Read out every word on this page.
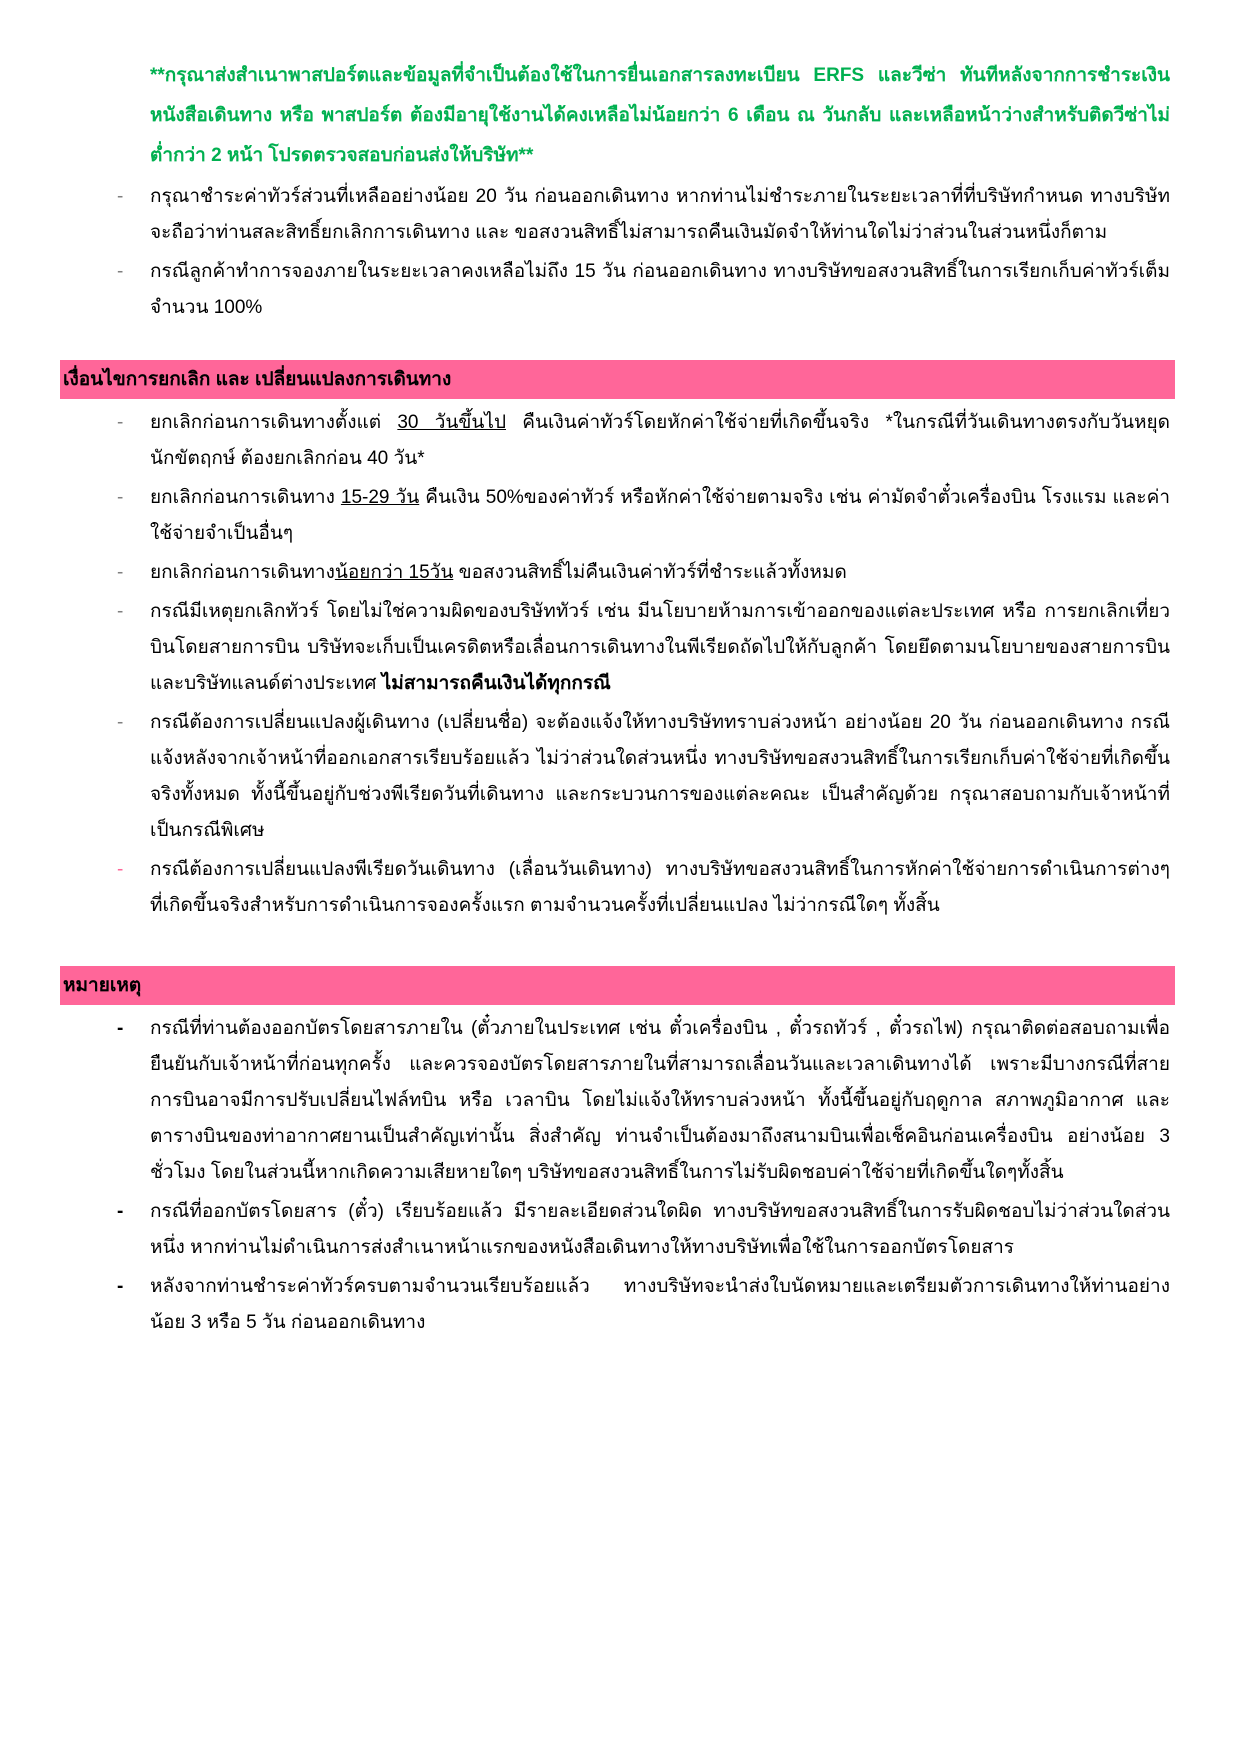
**กรุณาส่งสำเนาพาสปอร์ตและข้อมูลที่จำเป็นต้องใช้ในการยื่นเอกสารลงทะเบียน ERFS และวีซ่า ทันทีหลังจากการชำระเงิน หนังสือเดินทาง หรือ พาสปอร์ต ต้องมีอายุใช้งานได้คงเหลือไม่น้อยกว่า 6 เดือน ณ วันกลับ และเหลือหน้าว่างสำหรับติดวีซ่าไม่ต่ำกว่า 2 หน้า โปรดตรวจสอบก่อนส่งให้บริษัท**
- กรุณาชำระค่าทัวร์ส่วนที่เหลืออย่างน้อย 20 วัน ก่อนออกเดินทาง หากท่านไม่ชำระภายในระยะเวลาที่ที่บริษัทกำหนด ทางบริษัทจะถือว่าท่านสละสิทธิ์ยกเลิกการเดินทาง และ ขอสงวนสิทธิ์ไม่สามารถคืนเงินมัดจำให้ท่านใดไม่ว่าส่วนในส่วนหนึ่งก็ตาม
- กรณีลูกค้าทำการจองภายในระยะเวลาคงเหลือไม่ถึง 15 วัน ก่อนออกเดินทาง ทางบริษัทขอสงวนสิทธิ์ในการเรียกเก็บค่าทัวร์เต็มจำนวน 100%
เงื่อนไขการยกเลิก และ เปลี่ยนแปลงการเดินทาง
- ยกเลิกก่อนการเดินทางตั้งแต่ 30 วันขึ้นไป คืนเงินค่าทัวร์โดยหักค่าใช้จ่ายที่เกิดขึ้นจริง *ในกรณีที่วันเดินทางตรงกับวันหยุดนักขัตฤกษ์ ต้องยกเลิกก่อน 40 วัน*
- ยกเลิกก่อนการเดินทาง 15-29 วัน คืนเงิน 50%ของค่าทัวร์ หรือหักค่าใช้จ่ายตามจริง เช่น ค่ามัดจำตั๋วเครื่องบิน โรงแรม และค่าใช้จ่ายจำเป็นอื่นๆ
- ยกเลิกก่อนการเดินทางน้อยกว่า 15วัน ขอสงวนสิทธิ์ไม่คืนเงินค่าทัวร์ที่ชำระแล้วทั้งหมด
- กรณีมีเหตุยกเลิกทัวร์ โดยไม่ใช่ความผิดของบริษัททัวร์ เช่น มีนโยบายห้ามการเข้าออกของแต่ละประเทศ หรือ การยกเลิกเที่ยวบินโดยสายการบิน บริษัทจะเก็บเป็นเครดิตหรือเลื่อนการเดินทางในพีเรียดถัดไปให้กับลูกค้า โดยยึดตามนโยบายของสายการบินและบริษัทแลนด์ต่างประเทศ ไม่สามารถคืนเงินได้ทุกกรณี
- กรณีต้องการเปลี่ยนแปลงผู้เดินทาง (เปลี่ยนชื่อ) จะต้องแจ้งให้ทางบริษัททราบล่วงหน้า อย่างน้อย 20 วัน ก่อนออกเดินทาง กรณีแจ้งหลังจากเจ้าหน้าที่ออกเอกสารเรียบร้อยแล้ว ไม่ว่าส่วนใดส่วนหนึ่ง ทางบริษัทขอสงวนสิทธิ์ในการเรียกเก็บค่าใช้จ่ายที่เกิดขึ้นจริงทั้งหมด ทั้งนี้ขึ้นอยู่กับช่วงพีเรียดวันที่เดินทาง และกระบวนการของแต่ละคณะ เป็นสำคัญด้วย กรุณาสอบถามกับเจ้าหน้าที่เป็นกรณีพิเศษ
- กรณีต้องการเปลี่ยนแปลงพีเรียดวันเดินทาง (เลื่อนวันเดินทาง) ทางบริษัทขอสงวนสิทธิ์ในการหักค่าใช้จ่ายการดำเนินการต่างๆ ที่เกิดขึ้นจริงสำหรับการดำเนินการจองครั้งแรก ตามจำนวนครั้งที่เปลี่ยนแปลง ไม่ว่ากรณีใดๆ ทั้งสิ้น
หมายเหตุ
- กรณีที่ท่านต้องออกบัตรโดยสารภายใน (ตั๋วภายในประเทศ เช่น ตั๋วเครื่องบิน , ตั๋วรถทัวร์ , ตั๋วรถไฟ) กรุณาติดต่อสอบถามเพื่อยืนยันกับเจ้าหน้าที่ก่อนทุกครั้ง และควรจองบัตรโดยสารภายในที่สามารถเลื่อนวันและเวลาเดินทางได้ เพราะมีบางกรณีที่สายการบินอาจมีการปรับเปลี่ยนไฟล์ทบิน หรือ เวลาบิน โดยไม่แจ้งให้ทราบล่วงหน้า ทั้งนี้ขึ้นอยู่กับฤดูกาล สภาพภูมิอากาศ และ ตารางบินของท่าอากาศยานเป็นสำคัญเท่านั้น สิ่งสำคัญ ท่านจำเป็นต้องมาถึงสนามบินเพื่อเช็คอินก่อนเครื่องบิน อย่างน้อย 3 ชั่วโมง โดยในส่วนนี้หากเกิดความเสียหายใดๆ บริษัทขอสงวนสิทธิ์ในการไม่รับผิดชอบค่าใช้จ่ายที่เกิดขึ้นใดๆทั้งสิ้น
- กรณีที่ออกบัตรโดยสาร (ตั๋ว) เรียบร้อยแล้ว มีรายละเอียดส่วนใดผิด ทางบริษัทขอสงวนสิทธิ์ในการรับผิดชอบไม่ว่าส่วนใดส่วนหนึ่ง หากท่านไม่ดำเนินการส่งสำเนาหน้าแรกของหนังสือเดินทางให้ทางบริษัทเพื่อใช้ในการออกบัตรโดยสาร
- หลังจากท่านชำระค่าทัวร์ครบตามจำนวนเรียบร้อยแล้ว ทางบริษัทจะนำส่งใบนัดหมายและเตรียมตัวการเดินทางให้ท่านอย่างน้อย 3 หรือ 5 วัน ก่อนออกเดินทาง
